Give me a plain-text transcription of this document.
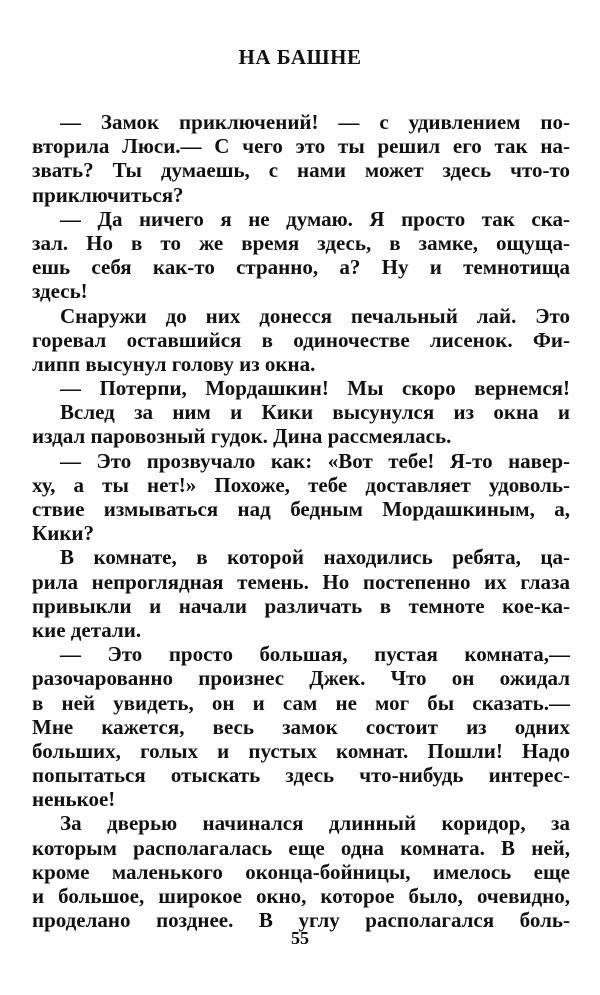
НА БАШНЕ
— Замок приключений! — с удивлением по-
вторила Люси.— С чего это ты решил его так на-
звать? Ты думаешь, с нами может здесь что-то
приключиться?
— Да ничего я не думаю. Я просто так ска-
зал. Но в то же время здесь, в замке, ощуща-
ешь себя как-то странно, а? Ну и темнотища
здесь!
Снаружи до них донесся печальный лай. Это
горевал оставшийся в одиночестве лисенок. Фи-
липп высунул голову из окна.
— Потерпи, Мордашкин! Мы скоро вернемся!
Вслед за ним и Кики высунулся из окна и
издал паровозный гудок. Дина рассмеялась.
— Это прозвучало как: «Вот тебе! Я-то навер-
ху, а ты нет!» Похоже, тебе доставляет удоволь-
ствие измываться над бедным Мордашкиным, а,
Кики?
В комнате, в которой находились ребята, ца-
рила непроглядная темень. Но постепенно их глаза
привыкли и начали различать в темноте кое-ка-
кие детали.
— Это просто большая, пустая комната,—
разочарованно произнес Джек. Что он ожидал
в ней увидеть, он и сам не мог бы сказать.—
Мне кажется, весь замок состоит из одних
больших, голых и пустых комнат. Пошли! Надо
попытаться отыскать здесь что-нибудь интерес-
ненькое!
За дверью начинался длинный коридор, за
которым располагалась еще одна комната. В ней,
кроме маленького оконца-бойницы, имелось еще
и большое, широкое окно, которое было, очевидно,
проделано позднее. В углу располагался боль-
55
